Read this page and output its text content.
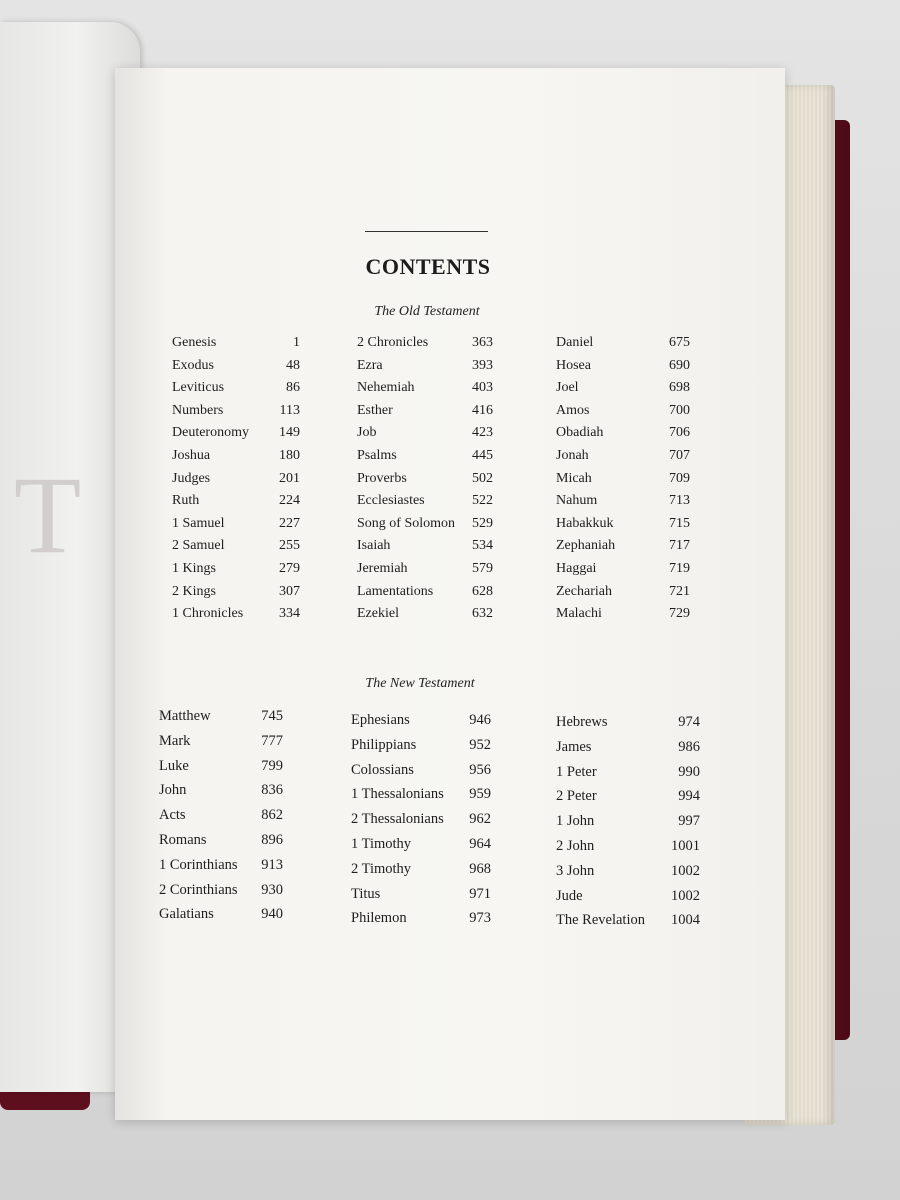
T
CONTENTS
The Old Testament
Genesis	1
Exodus	48
Leviticus	86
Numbers	113
Deuteronomy 149
Joshua	180
Judges	201
Ruth	224
1 Samuel	227
2 Samuel	255
1 Kings	279
2 Kings	307
1 Chronicles	334
2 Chronicles	363
Ezra	393
Nehemiah	403
Esther	416
Job	423
Psalms	445
Proverbs	502
Ecclesiastes	522
Song of Solomon 529
Isaiah	534
Jeremiah	579
Lamentations	628
Ezekiel	632
Daniel	675
Hosea	690
Joel	698
Amos	700
Obadiah	706
Jonah	707
Micah	709
Nahum	713
Habakkuk	715
Zephaniah	717
Haggai	719
Zechariah	721
Malachi	729
The New Testament
Matthew	745
Mark	777
Luke	799
John	836
Acts	862
Romans	896
1 Corinthians 913
2 Corinthians 930
Galatians	940
Ephesians	946
Philippians	952
Colossians	956
1 Thessalonians 959
2 Thessalonians 962
1 Timothy	964
2 Timothy	968
Titus	971
Philemon	973
Hebrews	974
James	986
1 Peter	990
2 Peter	994
1 John	997
2 John	1001
3 John	1002
Jude	1002
The Revelation 1004
